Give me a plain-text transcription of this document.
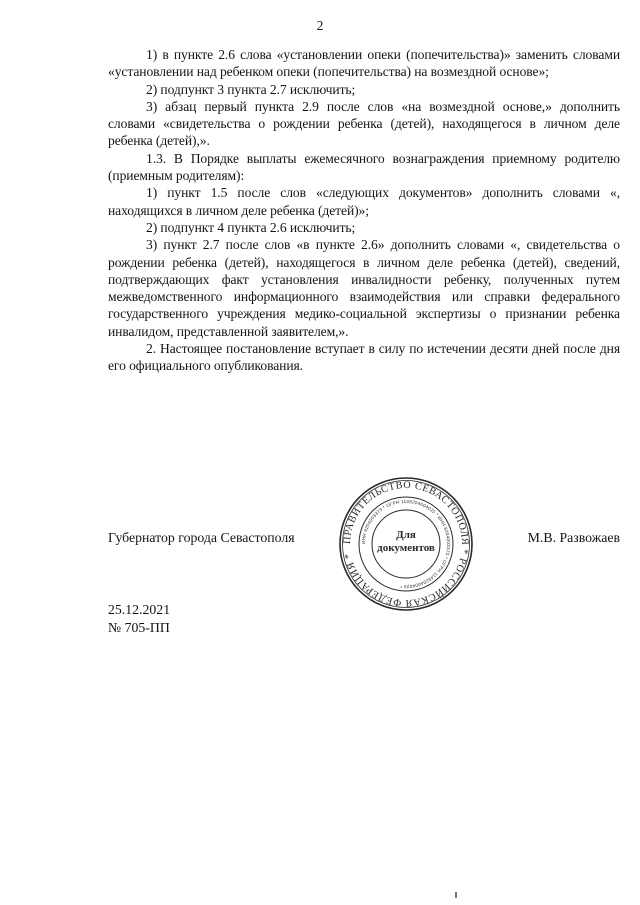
2

1) в пункте 2.6 слова «установлении опеки (попечительства)» заменить словами «установлении над ребенком опеки (попечительства) на возмездной основе»;

2) подпункт 3 пункта 2.7 исключить;

3) абзац первый пункта 2.9 после слов «на возмездной основе,» дополнить словами «свидетельства о рождении ребенка (детей), находящегося в личном деле ребенка (детей),».

1.3. В Порядке выплаты ежемесячного вознаграждения приемному родителю (приемным родителям):

1) пункт 1.5 после слов «следующих документов» дополнить словами «, находящихся в личном деле ребенка (детей)»;

2) подпункт 4 пункта 2.6 исключить;

3) пункт 2.7 после слов «в пункте 2.6» дополнить словами «, свидетельства о рождении ребенка (детей), находящегося в личном деле ребенка (детей), сведений, подтверждающих факт установления инвалидности ребенку, полученных путем межведомственного информационного взаимодействия или справки федерального государственного учреждения медико-социальной экспертизы о признании ребенка инвалидом, представленной заявителем,».

2. Настоящее постановление вступает в силу по истечении десяти дней после дня его официального опубликования.

Губернатор города Севастополя	М.В. Развожаев
ПРАВИТЕЛЬСТВО СЕВАСТОПОЛЯ * РОССИЙСКАЯ ФЕДЕРАЦИЯ *
ИНН 9204003373 * ОГРН 1149204004025 * ИНН 9204003373 * ОГРН 1149204004025 *
Для
документов
25.12.2021
№ 705-ПП
